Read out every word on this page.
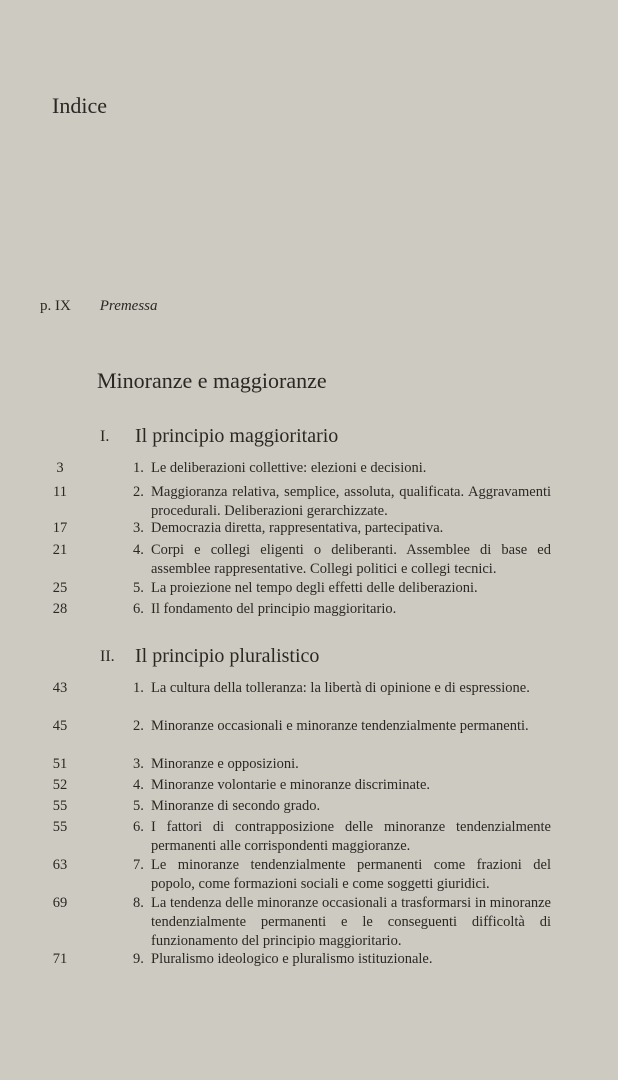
Indice
p. IX Premessa
Minoranze e maggioranze
I. Il principio maggioritario
3	1. Le deliberazioni collettive: elezioni e decisioni.
11	2. Maggioranza relativa, semplice, assoluta, qualificata. Aggravamenti procedurali. Deliberazioni gerarchizzate.
17	3. Democrazia diretta, rappresentativa, partecipativa.
21	4. Corpi e collegi eligenti o deliberanti. Assemblee di base ed assemblee rappresentative. Collegi politici e collegi tecnici.
25	5. La proiezione nel tempo degli effetti delle deliberazioni.
28	6. Il fondamento del principio maggioritario.
II. Il principio pluralistico
43	1. La cultura della tolleranza: la libertà di opinione e di espressione.
45	2. Minoranze occasionali e minoranze tendenzialmente permanenti.
51	3. Minoranze e opposizioni.
52	4. Minoranze volontarie e minoranze discriminate.
55	5. Minoranze di secondo grado.
55	6. I fattori di contrapposizione delle minoranze tendenzialmente permanenti alle corrispondenti maggioranze.
63	7. Le minoranze tendenzialmente permanenti come frazioni del popolo, come formazioni sociali e come soggetti giuridici.
69	8. La tendenza delle minoranze occasionali a trasformarsi in minoranze tendenzialmente permanenti e le conseguenti difficoltà di funzionamento del principio maggioritario.
71	9. Pluralismo ideologico e pluralismo istituzionale.
